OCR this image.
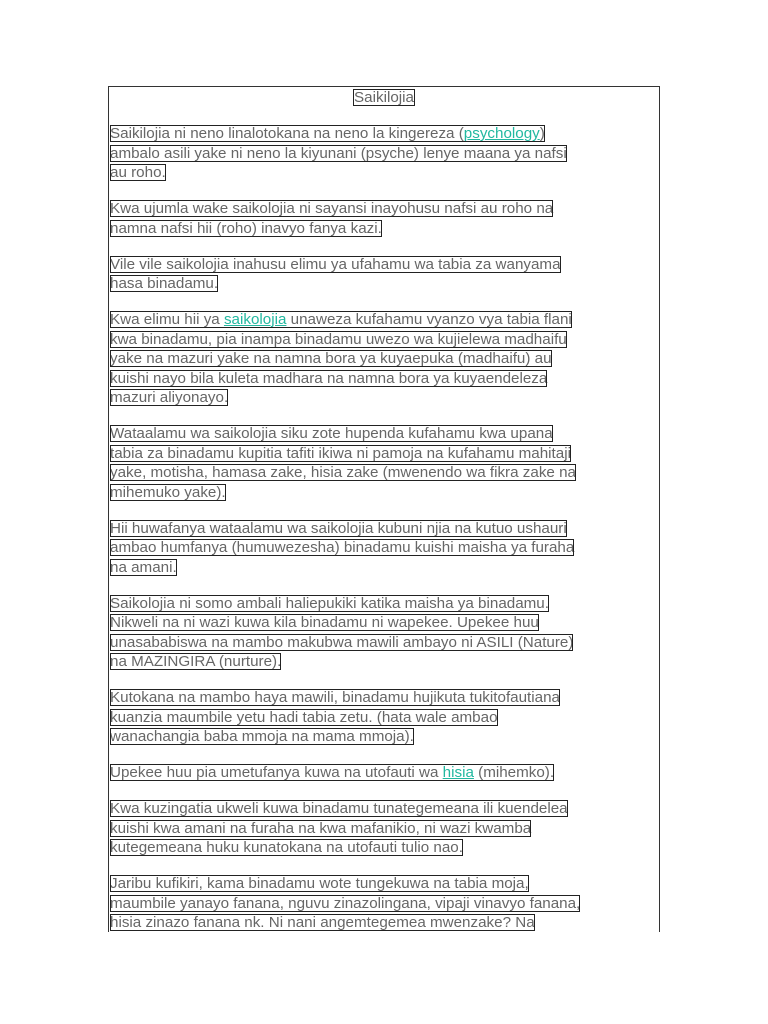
Saikilojia
Saikilojia ni neno linalotokana na neno la kingereza (psychology)
ambalo asili yake ni neno la kiyunani (psyche) lenye maana ya nafsi
au roho.
Kwa ujumla wake saikolojia ni sayansi inayohusu nafsi au roho na
namna nafsi hii (roho) inavyo fanya kazi.
Vile vile saikolojia inahusu elimu ya ufahamu wa tabia za wanyama
hasa binadamu.
Kwa elimu hii ya saikolojia unaweza kufahamu vyanzo vya tabia flani
kwa binadamu, pia inampa binadamu uwezo wa kujielewa madhaifu
yake na mazuri yake na namna bora ya kuyaepuka (madhaifu) au
kuishi nayo bila kuleta madhara na namna bora ya kuyaendeleza
mazuri aliyonayo.
Wataalamu wa saikolojia siku zote hupenda kufahamu kwa upana
tabia za binadamu kupitia tafiti ikiwa ni pamoja na kufahamu mahitaji
yake, motisha, hamasa zake, hisia zake (mwenendo wa fikra zake na
mihemuko yake).
Hii huwafanya wataalamu wa saikolojia kubuni njia na kutuo ushauri
ambao humfanya (humuwezesha) binadamu kuishi maisha ya furaha
na amani.
Saikolojia ni somo ambali haliepukiki katika maisha ya binadamu.
Nikweli na ni wazi kuwa kila binadamu ni wapekee. Upekee huu
unasababiswa na mambo makubwa mawili ambayo ni ASILI (Nature)
na MAZINGIRA (nurture).
Kutokana na mambo haya mawili, binadamu hujikuta tukitofautiana
kuanzia maumbile yetu hadi tabia zetu. (hata wale ambao
wanachangia baba mmoja na mama mmoja).
Upekee huu pia umetufanya kuwa na utofauti wa hisia (mihemko).
Kwa kuzingatia ukweli kuwa binadamu tunategemeana ili kuendelea
kuishi kwa amani na furaha na kwa mafanikio, ni wazi kwamba
kutegemeana huku kunatokana na utofauti tulio nao.
Jaribu kufikiri, kama binadamu wote tungekuwa na tabia moja,
maumbile yanayo fanana, nguvu zinazolingana, vipaji vinavyo fanana,
hisia zinazo fanana nk. Ni nani angemtegemea mwenzake? Na
